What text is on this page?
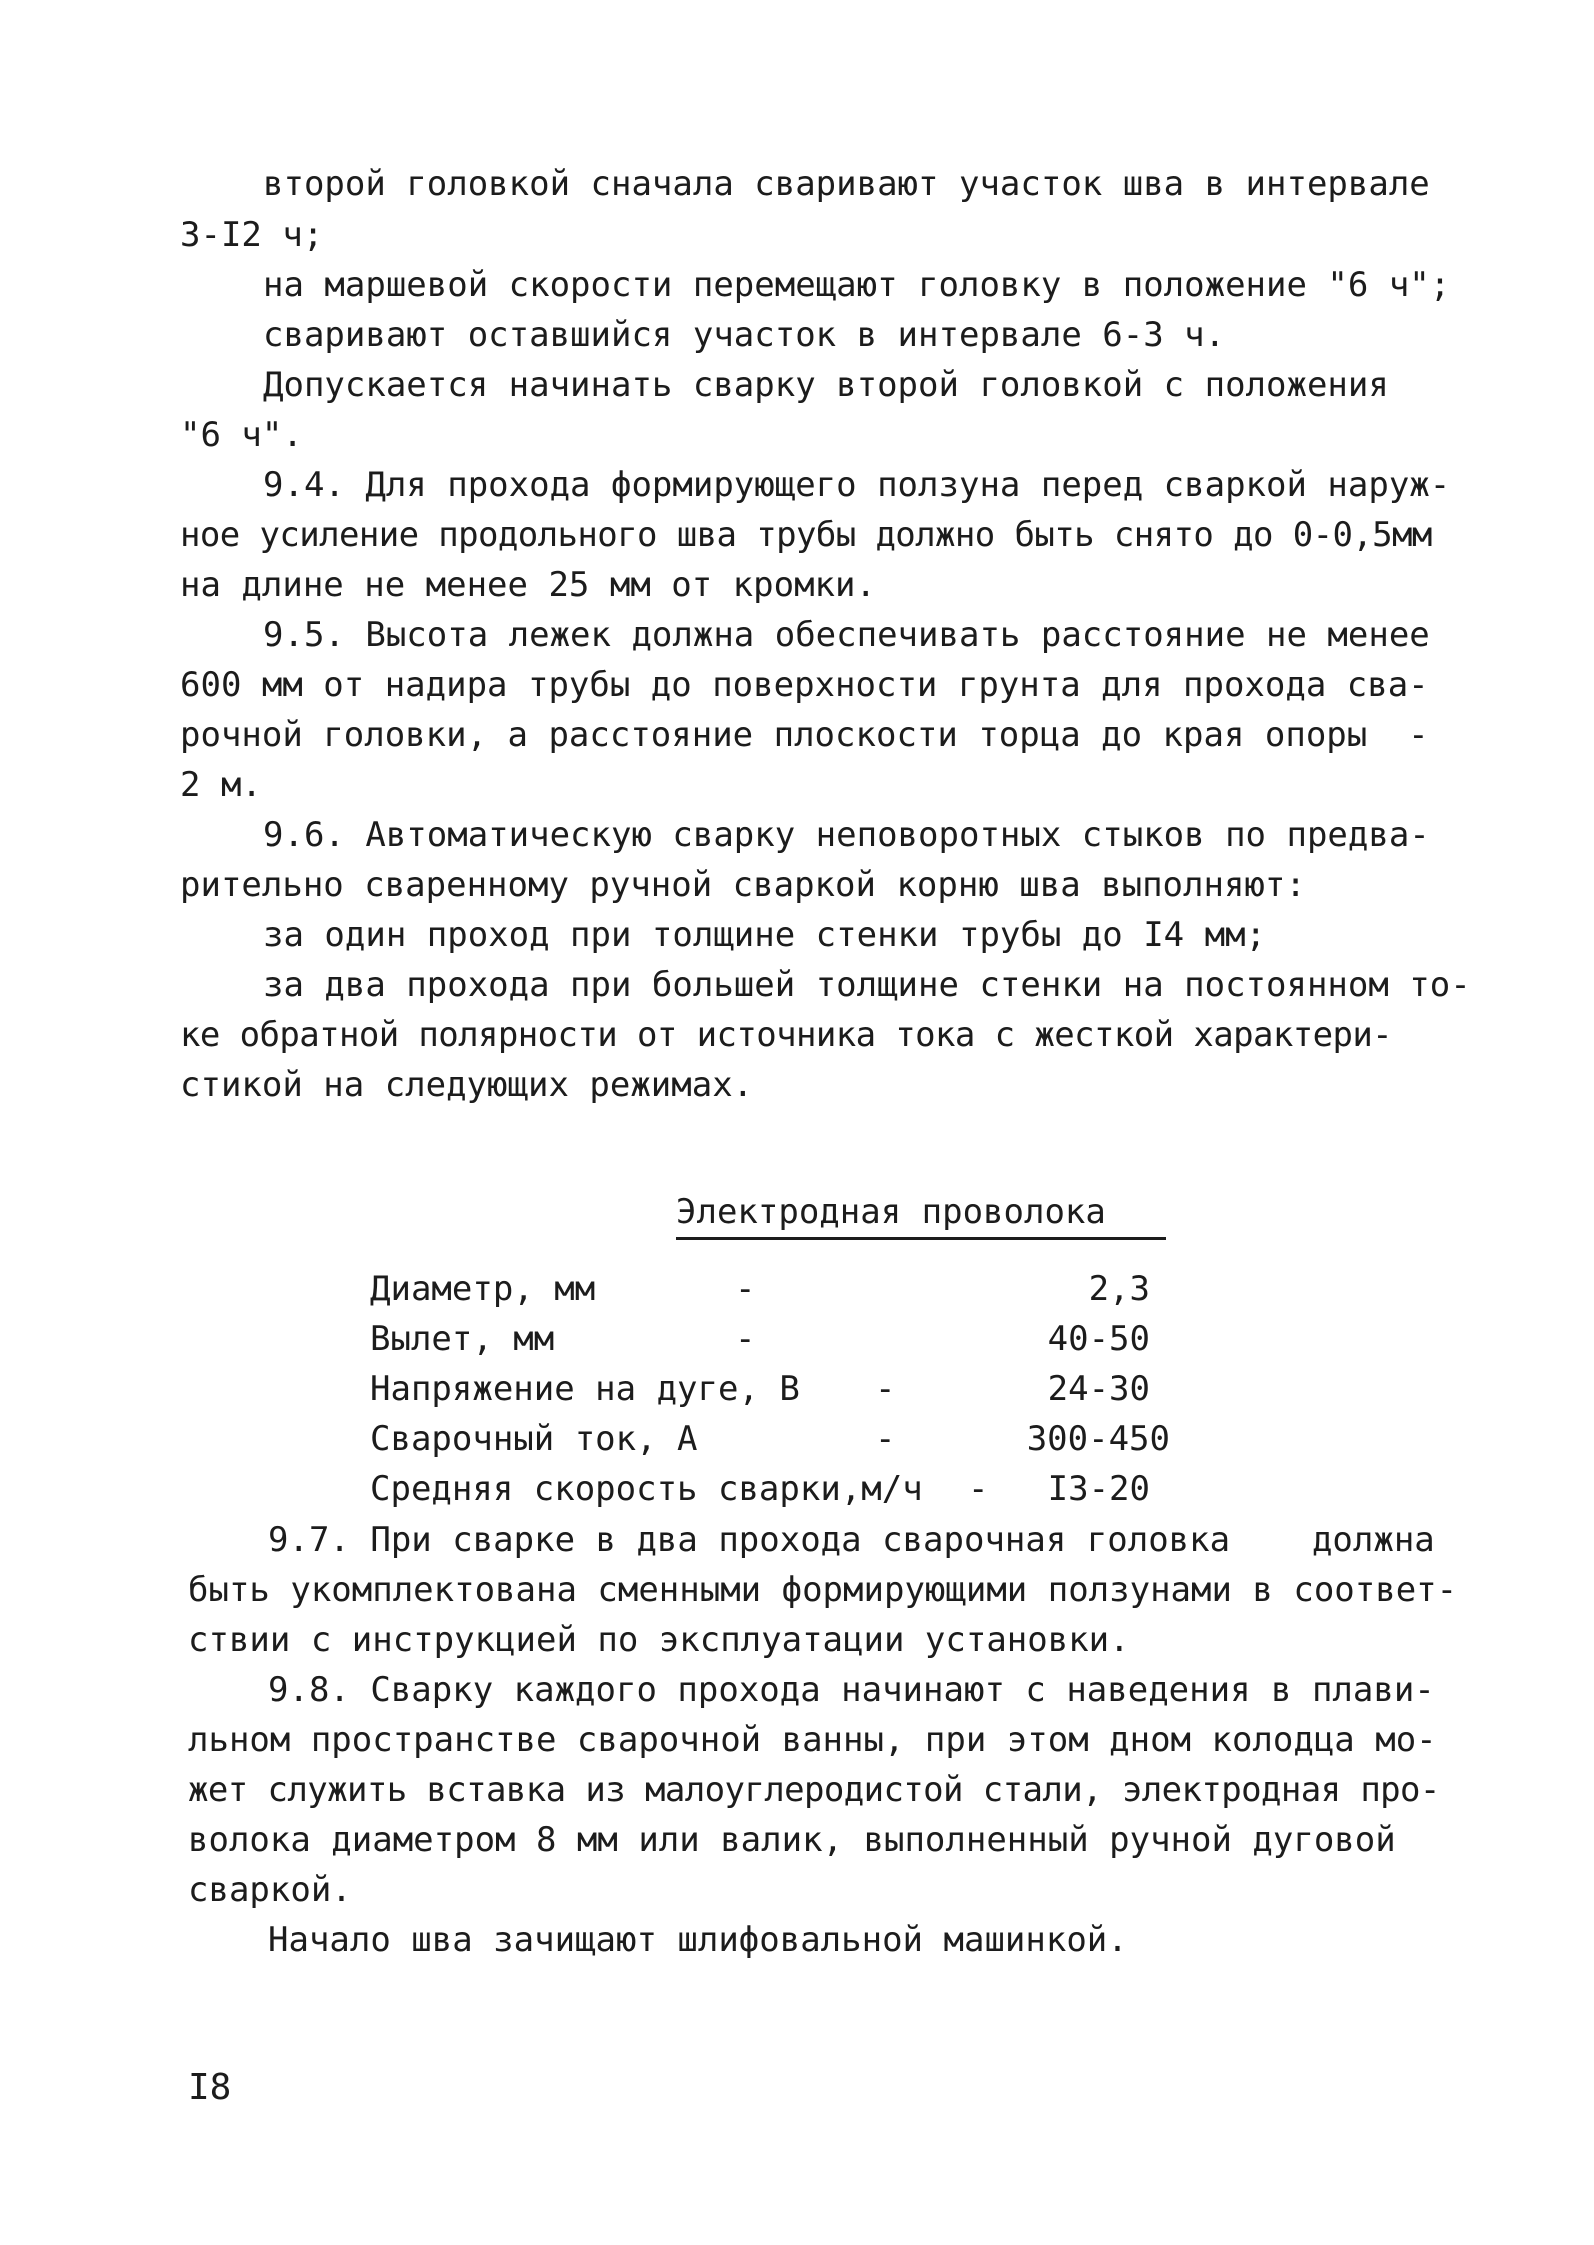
второй головкой сначала сваривают участок шва в интервале
3-I2 ч;
на маршевой скорости перемещают головку в положение "6 ч";
сваривают оставшийся участок в интервале 6-3 ч.
Допускается начинать сварку второй головкой с положения
"6 ч".
9.4. Для прохода формирующего ползуна перед сваркой наруж-
ное усиление продольного шва трубы должно быть снято до 0-0,5мм
на длине не менее 25 мм от кромки.
9.5. Высота лежек должна обеспечивать расстояние не менее
600 мм от надира трубы до поверхности грунта для прохода сва-
рочной головки, а расстояние плоскости торца до края опоры  -
2 м.
9.6. Автоматическую сварку неповоротных стыков по предва-
рительно сваренному ручной сваркой корню шва выполняют:
за один проход при толщине стенки трубы до I4 мм;
за два прохода при большей толщине стенки на постоянном то-
ке обратной полярности от источника тока с жесткой характери-
стикой на следующих режимах.
Электродная проволока
Диаметр, мм	-	2,3
Вылет, мм	-	40-50
Напряжение на дуге, В -	24-30
Сварочный ток, А	-	300-450
Средняя скорость сварки,м/ч -	I3-20
9.7. При сварке в два прохода сварочная головка    должна
быть укомплектована сменными формирующими ползунами в соответ-
ствии с инструкцией по эксплуатации установки.
9.8. Сварку каждого прохода начинают с наведения в плави-
льном пространстве сварочной ванны, при этом дном колодца мо-
жет служить вставка из малоуглеродистой стали, электродная про-
волока диаметром 8 мм или валик, выполненный ручной дуговой
сваркой.
Начало шва зачищают шлифовальной машинкой.
I8
